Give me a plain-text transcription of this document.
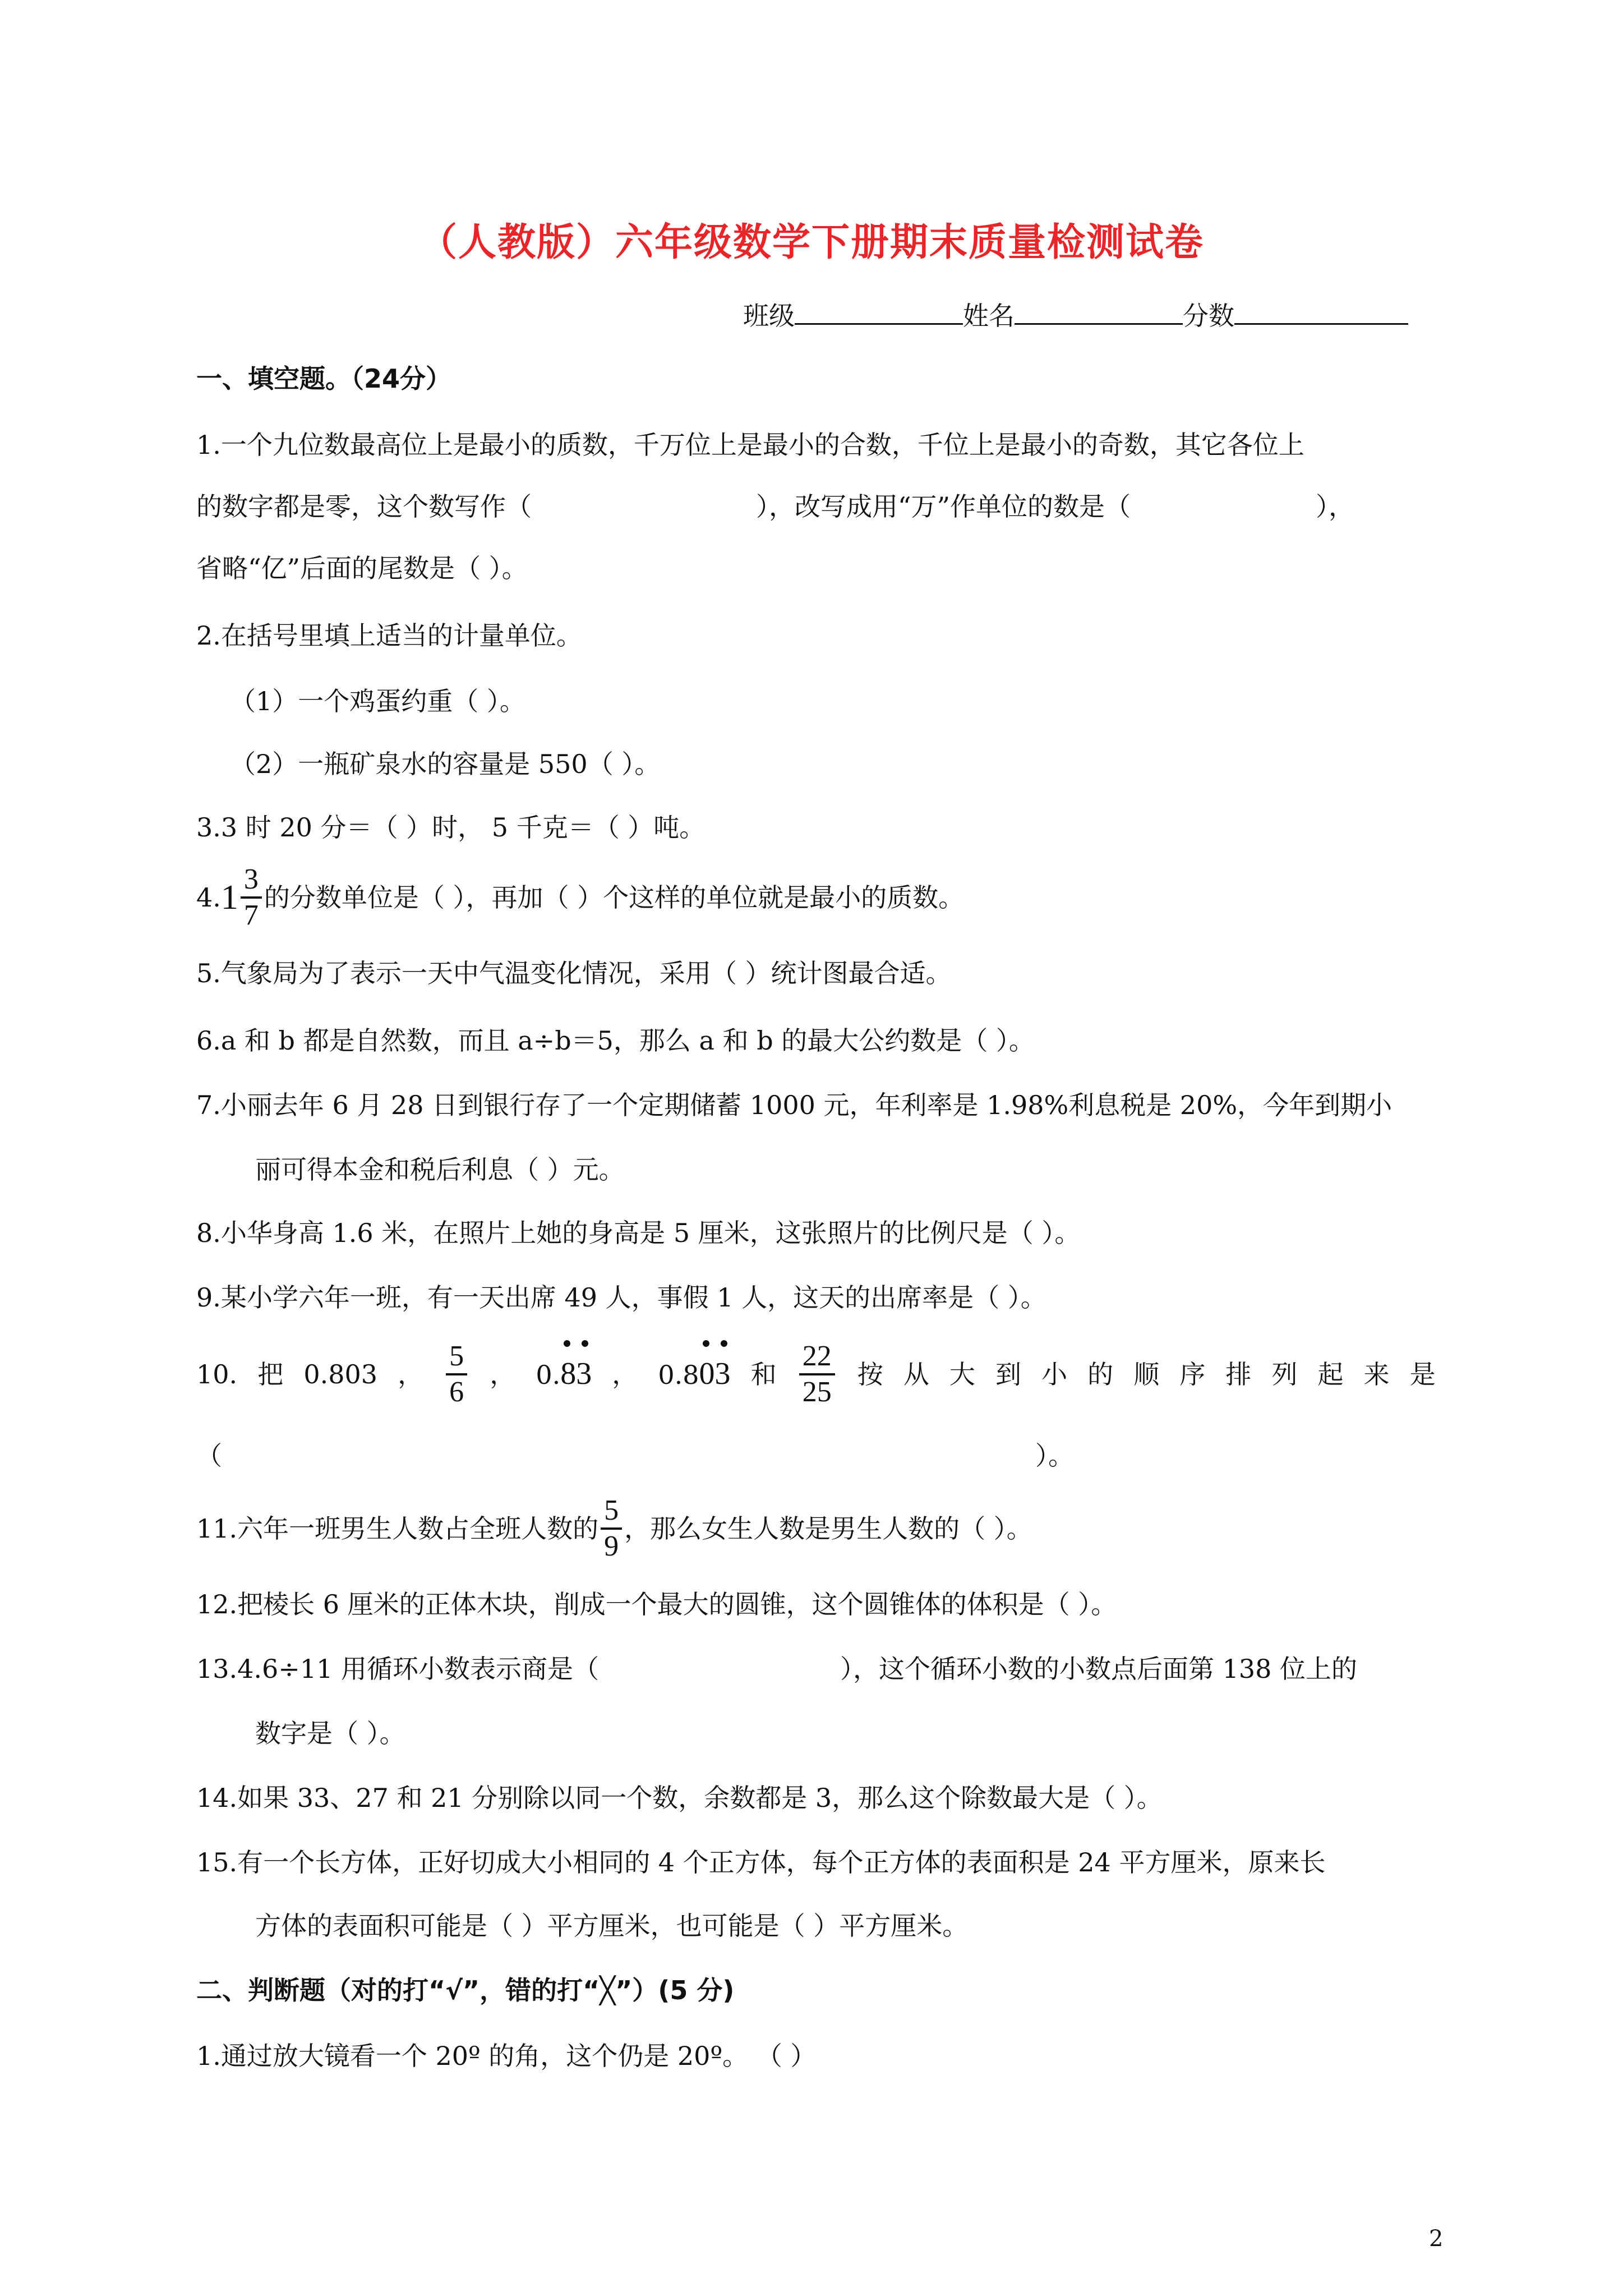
（人教版）六年级数学下册期末质量检测试卷
班级	姓名	分数
一、填空题。（24分）
1.一个九位数最高位上是最小的质数，千万位上是最小的合数，千位上是最小的奇数，其它各位上
的数字都是零，这个数写作（	），改写成用“万”作单位的数是（	），
省略“亿”后面的尾数是（ ）。
2.在括号里填上适当的计量单位。
（1）一个鸡蛋约重（ ）。
（2）一瓶矿泉水的容量是 550（ ）。
3.3 时 20 分＝（ ）时， 5 千克＝（ ）吨。
4. $1 \frac{3}{7}$ 的分数单位是（ ），再加（ ）个这样的单位就是最小的质数。
5.气象局为了表示一天中气温变化情况，采用（ ）统计图最合适。
6.a 和 b 都是自然数，而且 a÷b＝5，那么 a 和 b 的最大公约数是（ ）。
7.小丽去年 6 月 28 日到银行存了一个定期储蓄 1000 元，年利率是 1.98%利息税是 20%，今年到期小
丽可得本金和税后利息（ ）元。
8.小华身高 1.6 米，在照片上她的身高是 5 厘米，这张照片的比例尺是（ ）。
9.某小学六年一班，有一天出席 49 人，事假 1 人，这天的出席率是（ ）。
10. 把 0.803 ， $\frac{5}{6}$ ， 0.83 ， 0.803 和 $\frac{22}{25}$ 按 从 大 到 小 的 顺 序 排 列 起 来 是
（	）。
11.六年一班男生人数占全班人数的 $\frac{5}{9}$ ，那么女生人数是男生人数的（ ）。
12.把棱长 6 厘米的正体木块，削成一个最大的圆锥，这个圆锥体的体积是（ ）。
13.4.6÷11 用循环小数表示商是（	），这个循环小数的小数点后面第 138 位上的
数字是（ ）。
14.如果 33、27 和 21 分别除以同一个数，余数都是 3，那么这个除数最大是（ ）。
15.有一个长方体，正好切成大小相同的 4 个正方体，每个正方体的表面积是 24 平方厘米，原来长
方体的表面积可能是（ ）平方厘米，也可能是（ ）平方厘米。
二、判断题（对的打“√”，错的打“╳”）(5 分)
1.通过放大镜看一个 20º 的角，这个仍是 20º。 （ ）
2
